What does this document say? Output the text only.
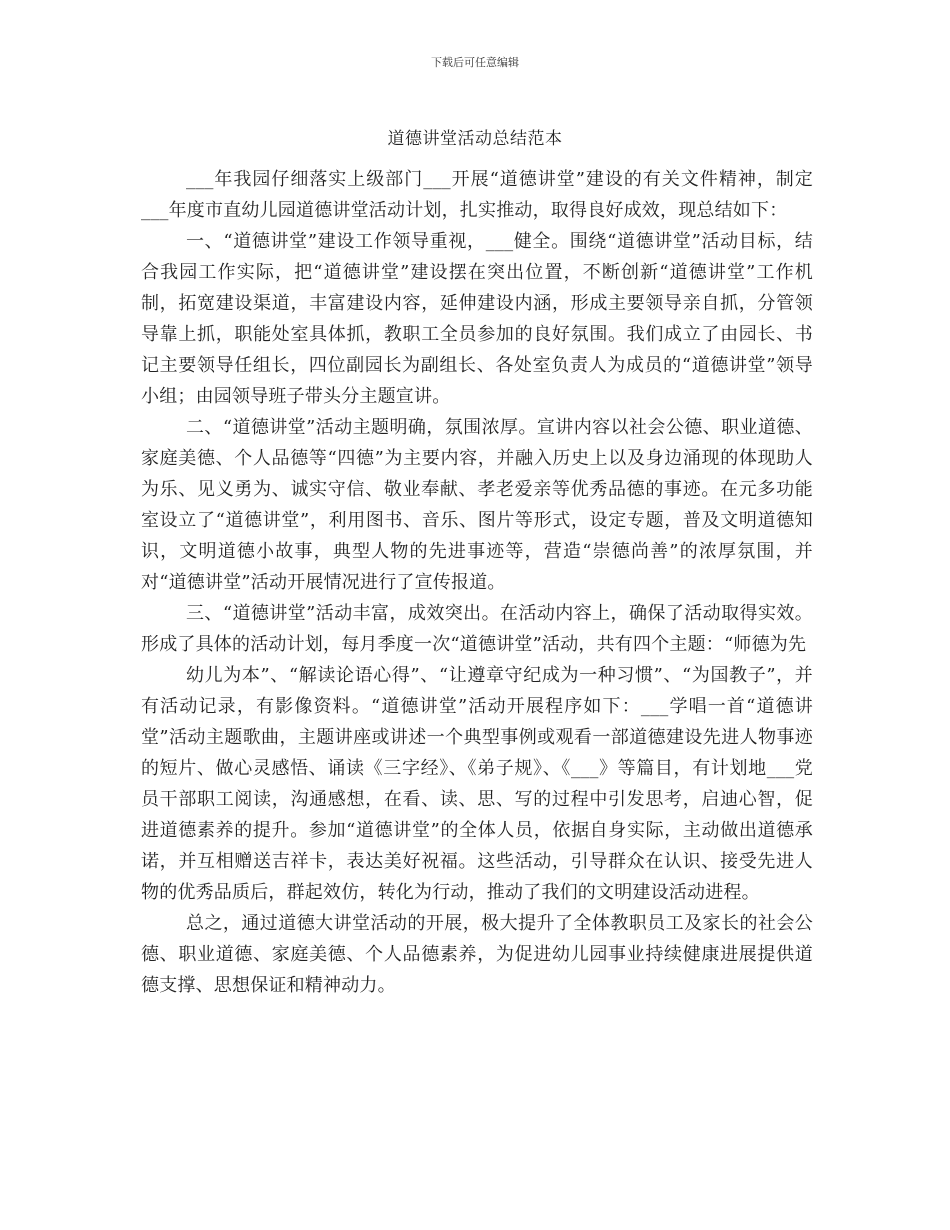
下载后可任意编辑
道德讲堂活动总结范本

___年我园仔细落实上级部门___开展“道德讲堂”建设的有关文件精神，制定___年度市直幼儿园道德讲堂活动计划，扎实推动，取得良好成效，现总结如下：

一、“道德讲堂”建设工作领导重视，___健全。围绕“道德讲堂”活动目标，结合我园工作实际，把“道德讲堂”建设摆在突出位置，不断创新“道德讲堂”工作机制，拓宽建设渠道，丰富建设内容，延伸建设内涵，形成主要领导亲自抓，分管领导靠上抓，职能处室具体抓，教职工全员参加的良好氛围。我们成立了由园长、书记主要领导任组长，四位副园长为副组长、各处室负责人为成员的“道德讲堂”领导小组；由园领导班子带头分主题宣讲。

二、“道德讲堂”活动主题明确，氛围浓厚。宣讲内容以社会公德、职业道德、家庭美德、个人品德等“四德”为主要内容，并融入历史上以及身边涌现的体现助人为乐、见义勇为、诚实守信、敬业奉献、孝老爱亲等优秀品德的事迹。在元多功能室设立了“道德讲堂”，利用图书、音乐、图片等形式，设定专题，普及文明道德知识，文明道德小故事，典型人物的先进事迹等，营造“崇德尚善”的浓厚氛围，并对“道德讲堂”活动开展情况进行了宣传报道。

三、“道德讲堂”活动丰富，成效突出。在活动内容上，确保了活动取得实效。形成了具体的活动计划，每月季度一次“道德讲堂”活动，共有四个主题：“师德为先

幼儿为本”、“解读论语心得”、“让遵章守纪成为一种习惯”、“为国教子”，并有活动记录，有影像资料。“道德讲堂”活动开展程序如下：___学唱一首“道德讲堂”活动主题歌曲，主题讲座或讲述一个典型事例或观看一部道德建设先进人物事迹的短片、做心灵感悟、诵读《三字经》、《弟子规》、《___》等篇目，有计划地___党员干部职工阅读，沟通感想，在看、读、思、写的过程中引发思考，启迪心智，促进道德素养的提升。参加“道德讲堂”的全体人员，依据自身实际，主动做出道德承诺，并互相赠送吉祥卡，表达美好祝福。这些活动，引导群众在认识、接受先进人物的优秀品质后，群起效仿，转化为行动，推动了我们的文明建设活动进程。

总之，通过道德大讲堂活动的开展，极大提升了全体教职员工及家长的社会公德、职业道德、家庭美德、个人品德素养，为促进幼儿园事业持续健康进展提供道德支撑、思想保证和精神动力。
